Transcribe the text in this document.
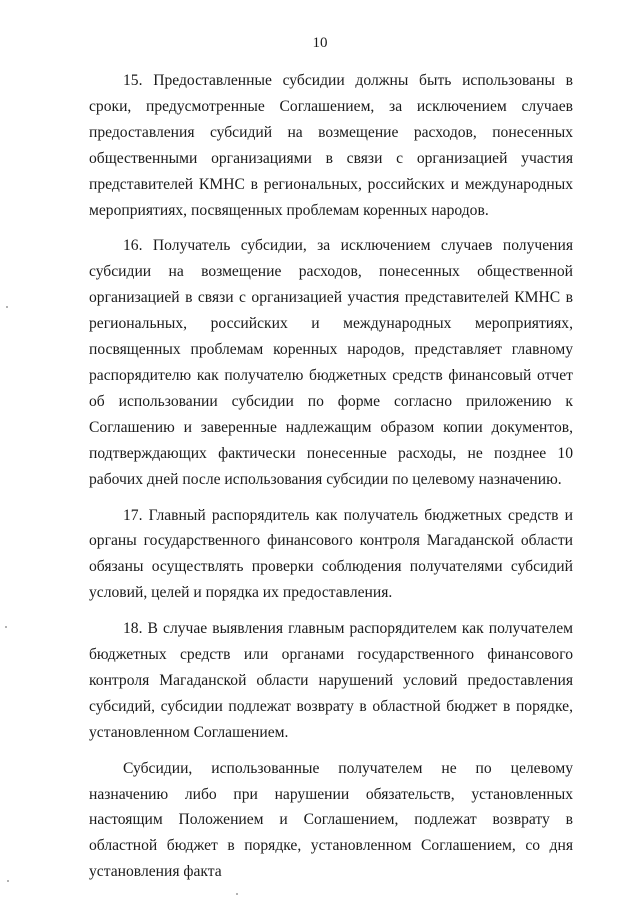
10

15. Предоставленные субсидии должны быть использованы в сроки, предусмотренные Соглашением, за исключением случаев предоставления субсидий на возмещение расходов, понесенных общественными организациями в связи с организацией участия представителей КМНС в региональных, российских и международных мероприятиях, посвященных проблемам коренных народов.

16. Получатель субсидии, за исключением случаев получения субсидии на возмещение расходов, понесенных общественной организацией в связи с организацией участия представителей КМНС в региональных, российских и международных мероприятиях, посвященных проблемам коренных народов, представляет главному распорядителю как получателю бюджетных средств финансовый отчет об использовании субсидии по форме согласно приложению к Соглашению и заверенные надлежащим образом копии документов, подтверждающих фактически понесенные расходы, не позднее 10 рабочих дней после использования субсидии по целевому назначению.

17. Главный распорядитель как получатель бюджетных средств и органы государственного финансового контроля Магаданской области обязаны осуществлять проверки соблюдения получателями субсидий условий, целей и порядка их предоставления.

18. В случае выявления главным распорядителем как получателем бюджетных средств или органами государственного финансового контроля Магаданской области нарушений условий предоставления субсидий, субсидии подлежат возврату в областной бюджет в порядке, установленном Соглашением.

Субсидии, использованные получателем не по целевому назначению либо при нарушении обязательств, установленных настоящим Положением и Соглашением, подлежат возврату в областной бюджет в порядке, установленном Соглашением, со дня установления факта
